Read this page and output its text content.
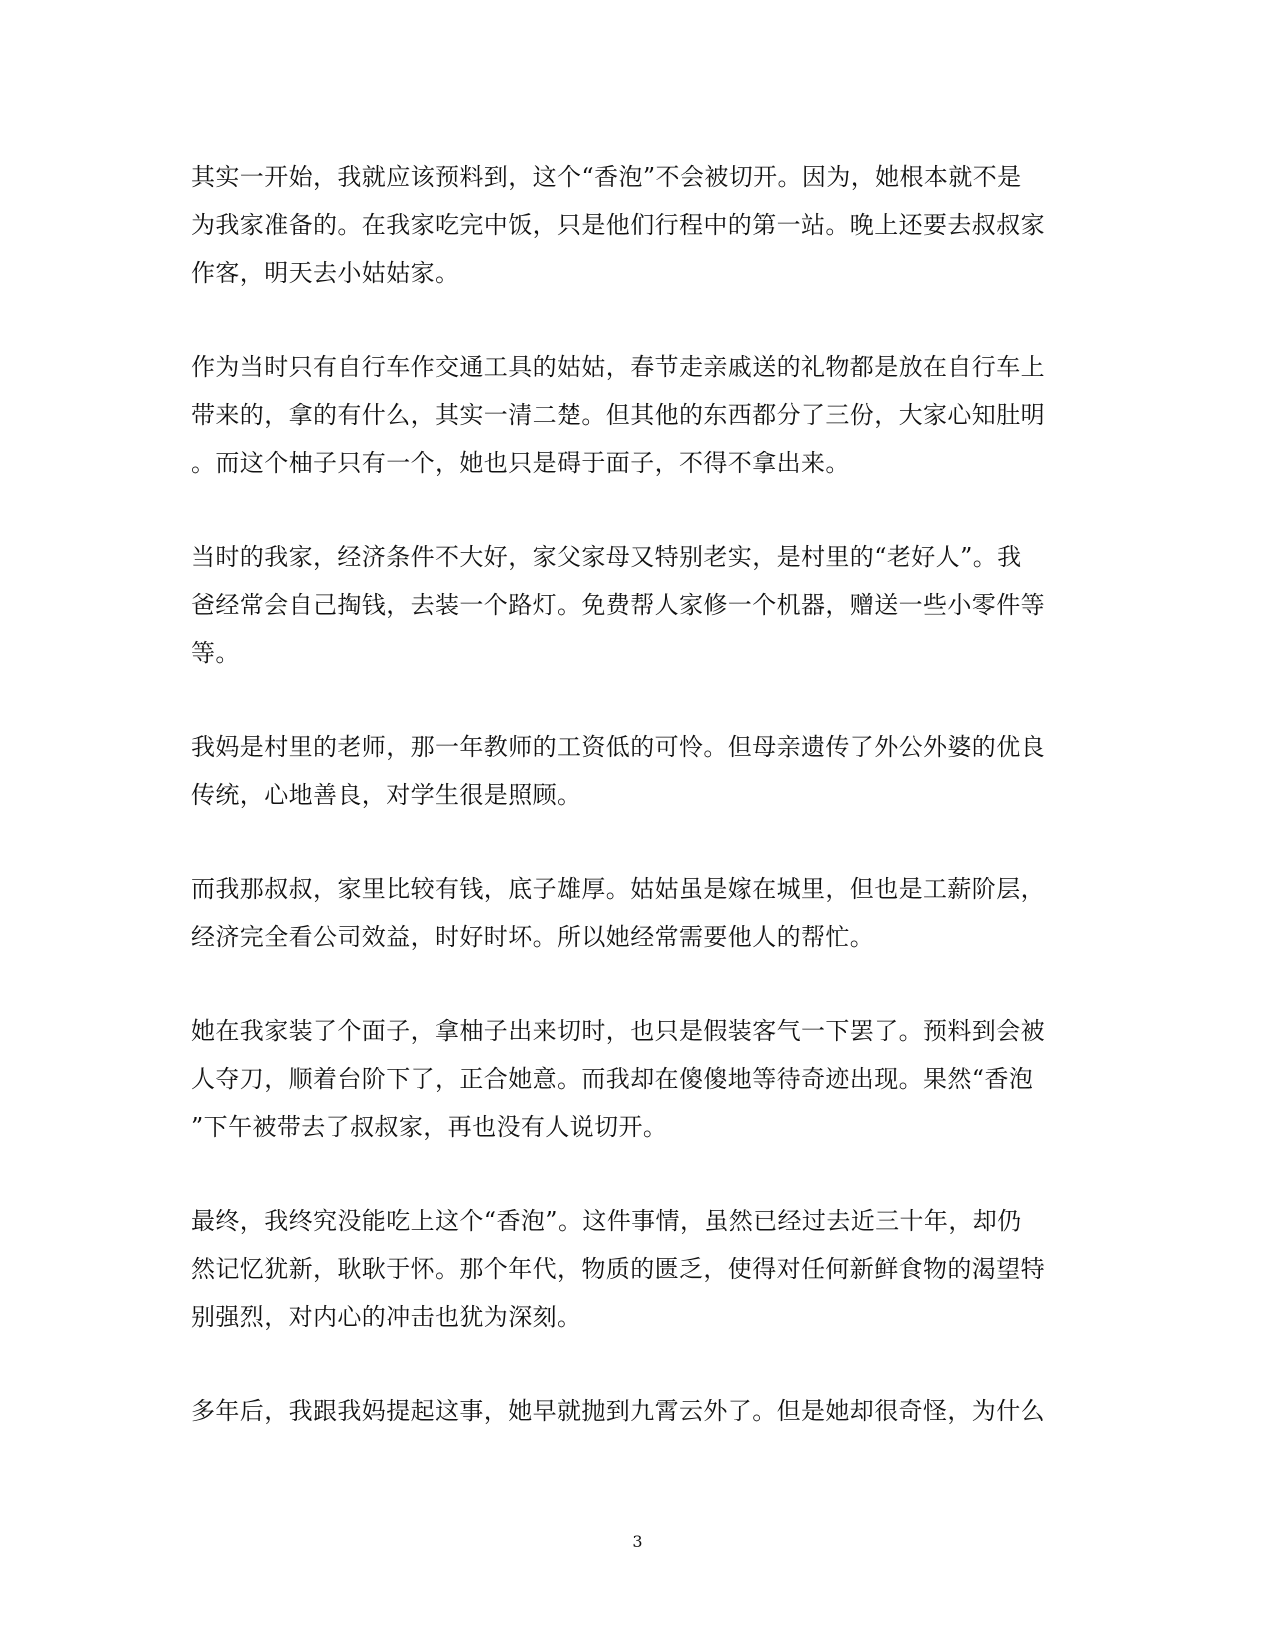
其实一开始，我就应该预料到，这个“香泡”不会被切开。因为，她根本就不是
为我家准备的。在我家吃完中饭，只是他们行程中的第一站。晚上还要去叔叔家
作客，明天去小姑姑家。
作为当时只有自行车作交通工具的姑姑，春节走亲戚送的礼物都是放在自行车上
带来的，拿的有什么，其实一清二楚。但其他的东西都分了三份，大家心知肚明
。而这个柚子只有一个，她也只是碍于面子，不得不拿出来。
当时的我家，经济条件不大好，家父家母又特别老实，是村里的“老好人”。我
爸经常会自己掏钱，去装一个路灯。免费帮人家修一个机器，赠送一些小零件等
等。
我妈是村里的老师，那一年教师的工资低的可怜。但母亲遗传了外公外婆的优良
传统，心地善良，对学生很是照顾。
而我那叔叔，家里比较有钱，底子雄厚。姑姑虽是嫁在城里，但也是工薪阶层，
经济完全看公司效益，时好时坏。所以她经常需要他人的帮忙。
她在我家装了个面子，拿柚子出来切时，也只是假装客气一下罢了。预料到会被
人夺刀，顺着台阶下了，正合她意。而我却在傻傻地等待奇迹出现。果然“香泡
”下午被带去了叔叔家，再也没有人说切开。
最终，我终究没能吃上这个“香泡”。这件事情，虽然已经过去近三十年，却仍
然记忆犹新，耿耿于怀。那个年代，物质的匮乏，使得对任何新鲜食物的渴望特
别强烈，对内心的冲击也犹为深刻。
多年后，我跟我妈提起这事，她早就抛到九霄云外了。但是她却很奇怪，为什么
3
